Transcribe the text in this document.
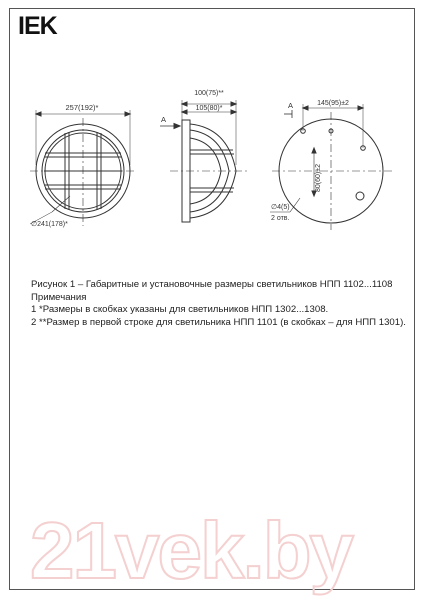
IEK
257(192)*
∅241(178)*
100(75)**
105(80)*
A
A	145(95)±2
80(60)±2
∅4(5)
2 отв.
Рисунок 1 – Габаритные и установочные размеры светильников НПП 1102...1108
Примечания
1 *Размеры в скобках указаны для светильников НПП 1302...1308.
2 **Размер в первой строке для светильника НПП 1101 (в скобках – для НПП 1301).
21vek.by
